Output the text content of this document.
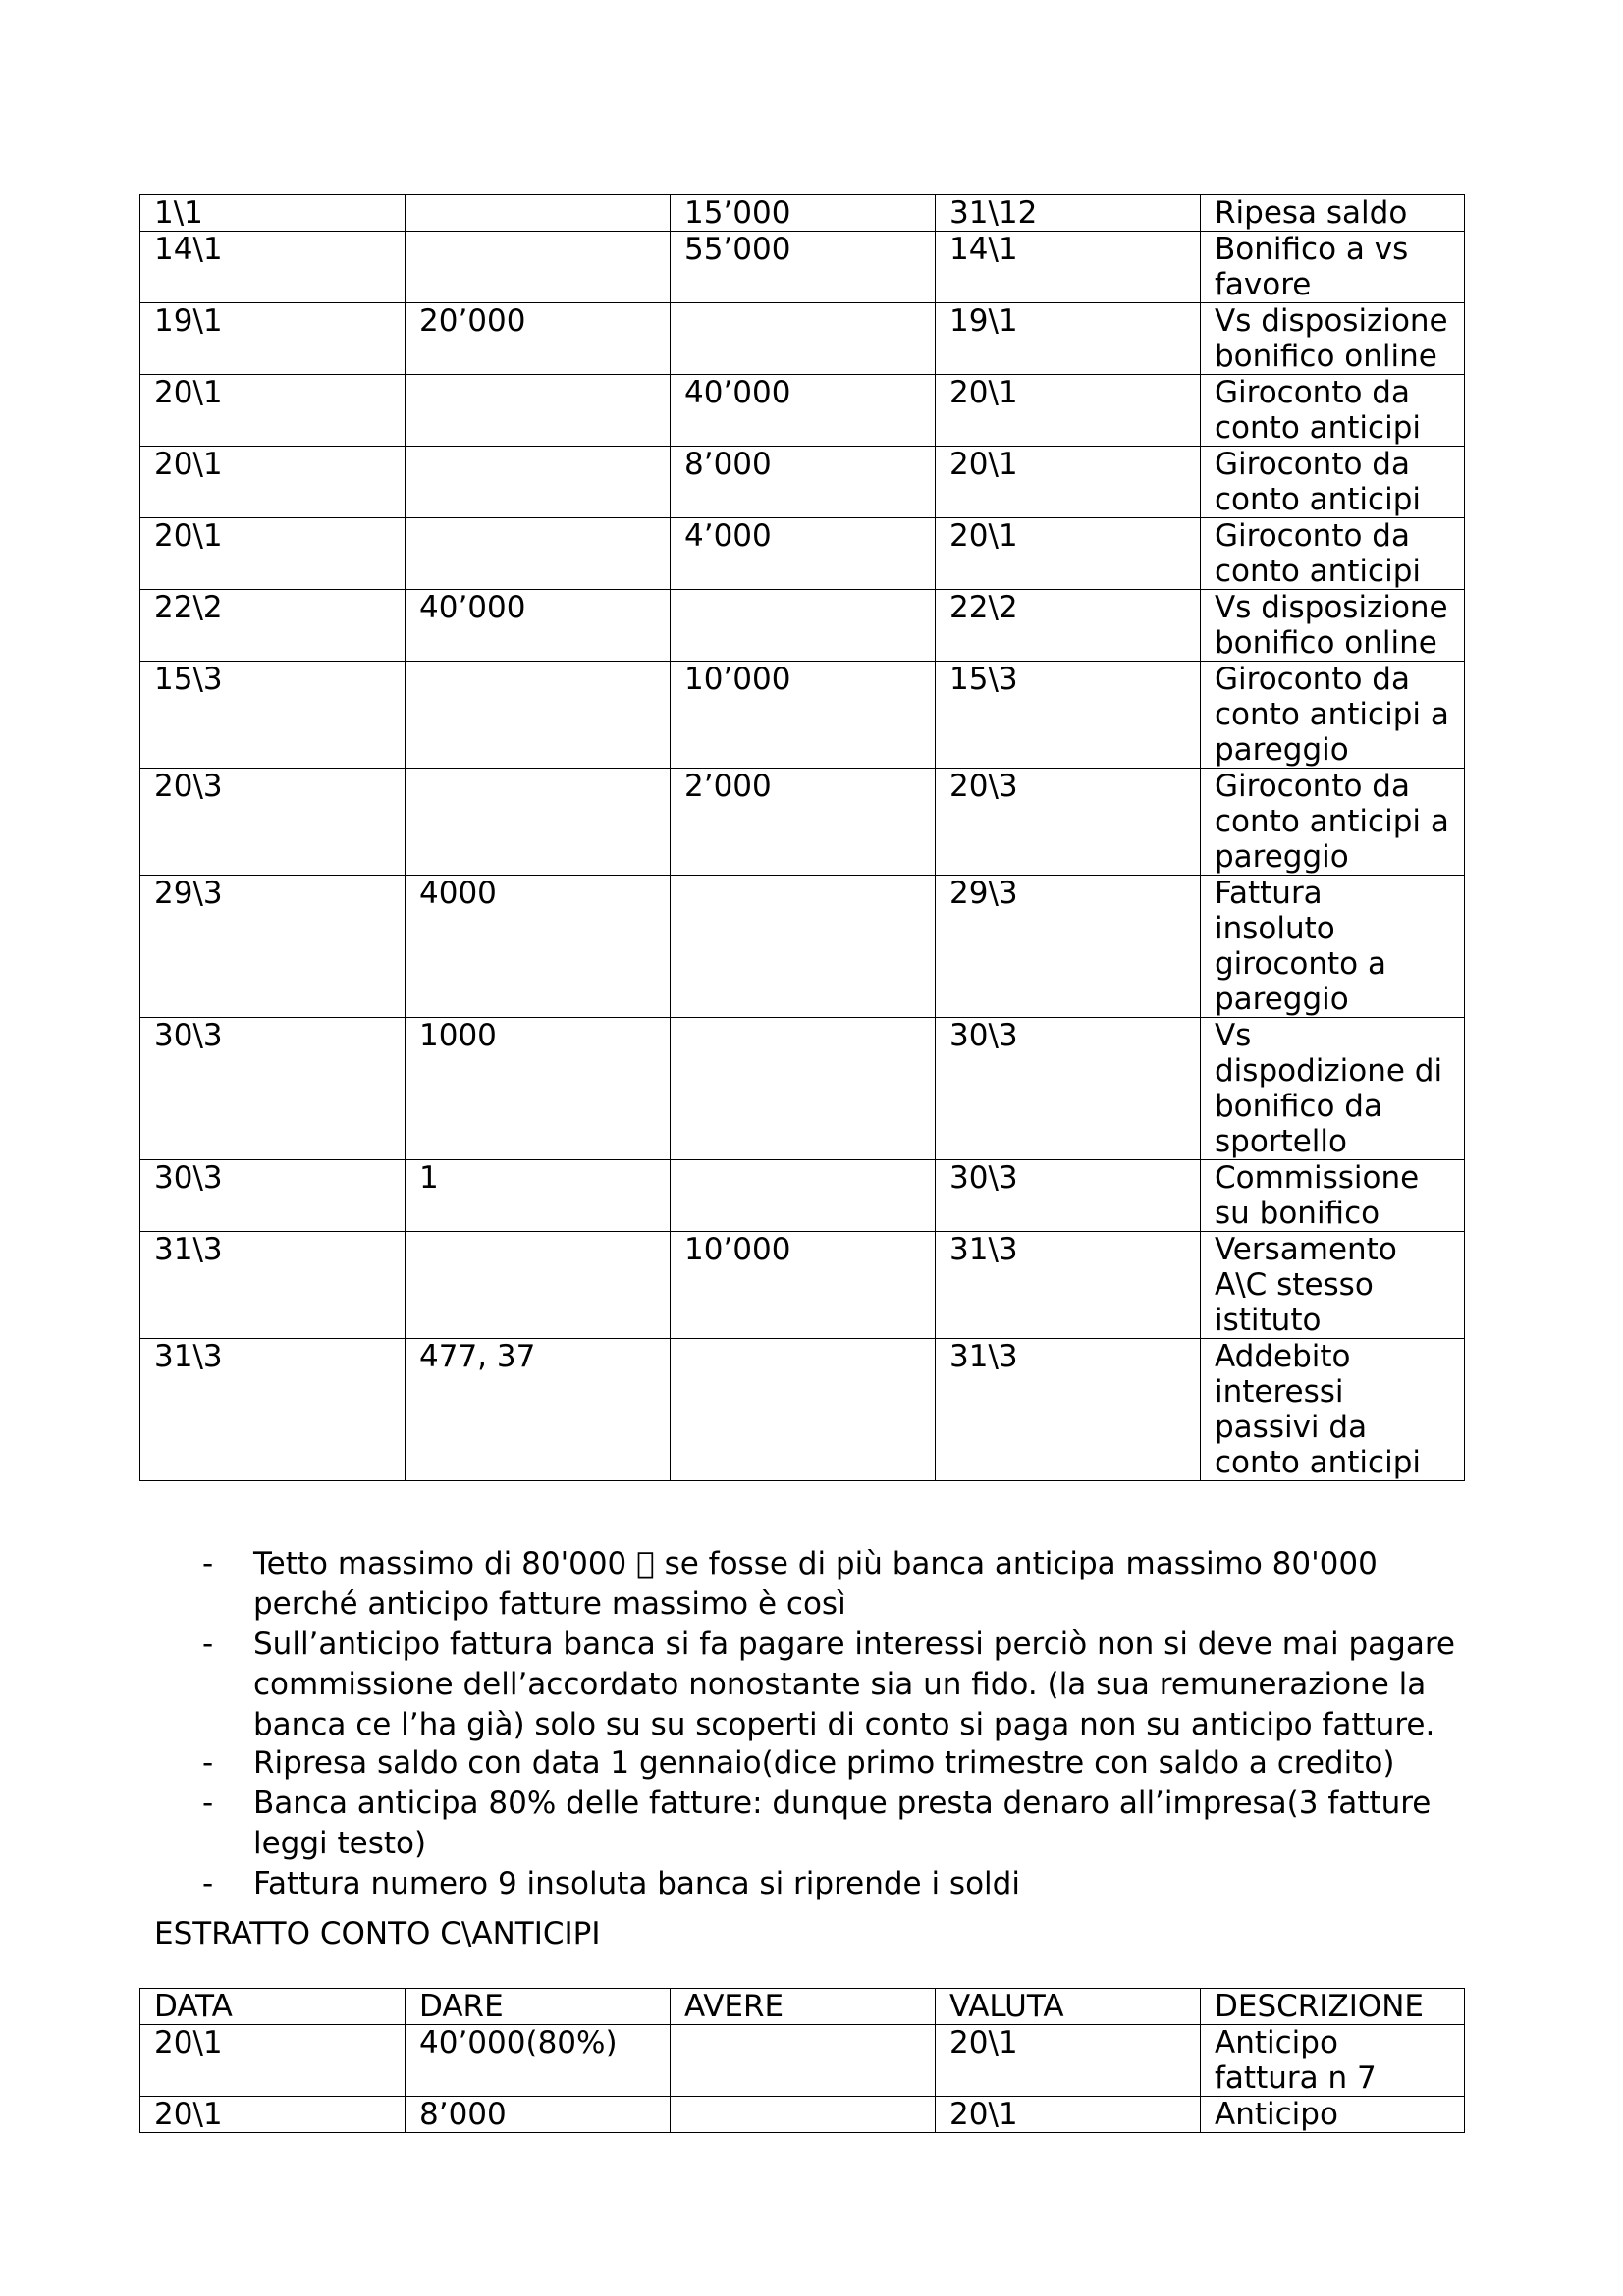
1\1		15’000	31\12	Ripesa saldo
14\1		55’000	14\1	Bonifico a vs
favore
19\1	20’000		19\1	Vs disposizione
bonifico online
20\1		40’000	20\1	Giroconto da
conto anticipi
20\1		8’000	20\1	Giroconto da
conto anticipi
20\1		4’000	20\1	Giroconto da
conto anticipi
22\2	40’000		22\2	Vs disposizione
bonifico online
15\3		10’000	15\3	Giroconto da
conto anticipi a
pareggio
20\3		2’000	20\3	Giroconto da
conto anticipi a
pareggio
29\3	4000		29\3	Fattura
insoluto
giroconto a
pareggio
30\3	1000		30\3	Vs
dispodizione di
bonifico da
sportello
30\3	1		30\3	Commissione
su bonifico
31\3		10’000	31\3	Versamento
A\C stesso
istituto
31\3	477, 37		31\3	Addebito
interessi
passivi da
conto anticipi
- Tetto massimo di 80'000 se fosse di più banca anticipa massimo 80'000 perché anticipo fatture massimo è così
- Sull’anticipo fattura banca si fa pagare interessi perciò non si deve mai pagare commissione dell’accordato nonostante sia un fido. (la sua remunerazione la banca ce l’ha già) solo su su scoperti di conto si paga non su anticipo fatture.
- Ripresa saldo con data 1 gennaio(dice primo trimestre con saldo a credito)
- Banca anticipa 80% delle fatture: dunque presta denaro all’impresa(3 fatture leggi testo)
- Fattura numero 9 insoluta banca si riprende i soldi
ESTRATTO CONTO C\ANTICIPI
DATA	DARE	AVERE	VALUTA	DESCRIZIONE
20\1	40’000(80%)		20\1	Anticipo
fattura n 7
20\1	8’000		20\1	Anticipo
